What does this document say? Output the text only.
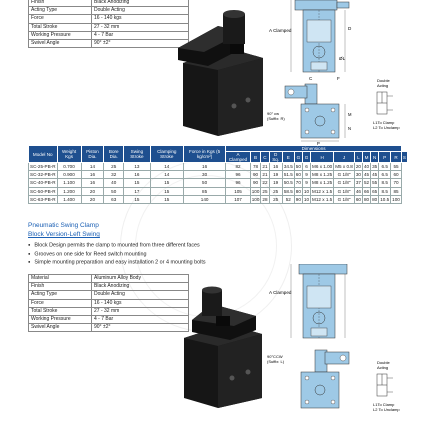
Finish	Black Anodizing
Acting Type	Double Acting
Force	16 - 140 kgs
Total Stroke	27 - 32 mm
Working Pressure	4 - 7 Bar
Swivel Angle	90° ±2°
A Clamped	D
ØL
C	F
M
N
P
90° cw
(Suffix: R)
Double
Acting
L1To Clamp
L2 To Unclamp
Model No	Weight Kgs	Piston Dia.	Bore Dia.	Swing Stroke	Clamping Stroke	Force in Kgs (5 kg/cm²)	Dimensions														
							A Clamped	B	C	D Sq.	E	G	G	H	J	L	M	N	P	R	S
SC-25-PB-R	0.700	14	25	13	14	16	82	78	21	16	34.5	50	6	M6 x 1.00	M5 x 0.8	20	40	35	6.5	55	
SC-32-PB-R	0.900	16	32	16	14	30	96	90	21	19	51.5	60	9	M8 x 1.25	G 1/8"	30	45	45	6.5	60	
SC-40-PB-R	1.100	16	40	15	15	50	96	90	22	19	50.5	70	9	M8 x 1.25	G 1/8"	37	52	55	8.5	70	
SC-50-PB-R	1.200	20	50	17	15	85	105	100	25	25	58.5	80	10	M12 x 1.5	G 1/8"	46	66	65	8.5	85	
SC-63-PB-R	1.400	20	63	15	15	140	107	100	28	25	52	90	10	M12 x 1.5	G 1/8"	60	80	80	10.5	100	
Pneumatic Swing Clamp
Block Version-Left Swing
● Block Design permits the clamp to mounted from three different faces
● Grooves on one side for Reed switch mounting
● Simple mounting preparation and easy installation 2 or 4 mounting bolts
Material	Aluminum Alloy Body
Finish	Black Anodizing
Acting Type	Double Acting
Force	16 - 140 kgs
Total Stroke	27 - 32 mm
Working Pressure	4 - 7 Bar
Swivel Angle	90° ±2°
A Clamped
90°CCW
(Suffix: L)	Double
Acting
L1To Clamp
L2 To Unclamp
